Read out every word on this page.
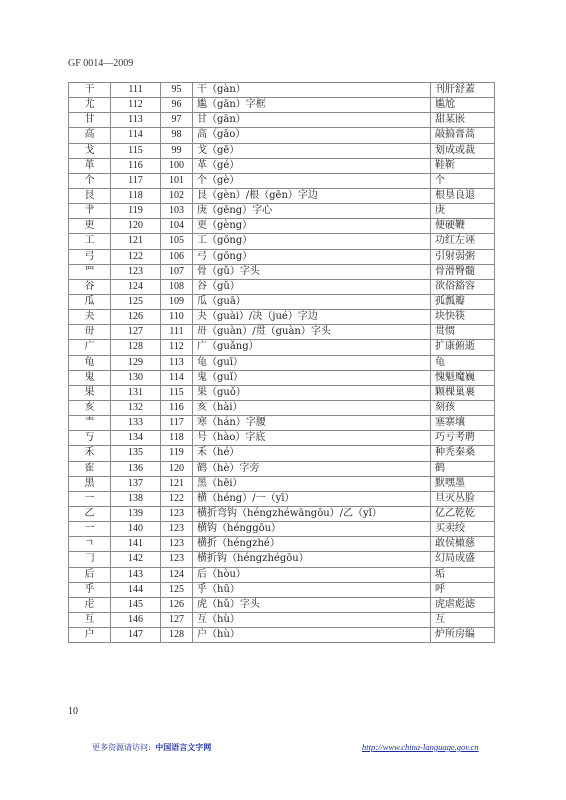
GF 0014—2009
干	111	95	干（gàn）	刊肝舒蓋
尤	112	96	尴（gān）字框	尴尬
甘	113	97	甘（gān）	甜某嵌
高	114	98	高（gāo）	敲搞膏蒿
戈	115	99	戈（gē）	划成或裁
革	116	100	革（gé）	鞋靳
个	117	101	个（gè）	个
艮	118	102	艮（gèn）/根（gēn）字边	根垦良退
肀	119	103	庚（gēng）字心	庚
更	120	104	更（gèng）	便硬鞭
工	121	105	工（gōng）	功红左诬
弓	122	106	弓（gōng）	引射弱粥
罒	123	107	骨（gǔ）字头	骨滑臀髓
谷	124	108	谷（gǔ）	欲俗豁容
瓜	125	109	瓜（guā）	孤瓢瓣
夬	126	110	夬（guài）/决（jué）字边	块快筷
毌	127	111	毌（guàn）/贯（guàn）字头	贯惯
广	128	112	广（guǎng）	扩康俯逝
龟	129	113	龟（guī）	龟
鬼	130	114	鬼（guǐ）	愧魁魔巍
果	131	115	果（guǒ）	颗棵巢裹
亥	132	116	亥（hài）	刻孩
龶	133	117	寒（hán）字腰	塞寨壤
丂	134	118	号（hào）字底	巧亏考聘
禾	135	119	禾（hé）	种秃秦桑
隺	136	120	鹤（hè）字旁	鹤
黑	137	121	黑（hēi）	默嘿墨
一	138	122	横（héng）/一（yī）	旦灭丛脸
乙	139	123	横折弯钩（héngzhéwāngōu）/乙（yǐ）	亿乙乾乾
一	140	123	横钩（hénggōu）	买卖绞
ㄱ	141	123	横折（héngzhé）	敢侯橄慈
𠃌	142	123	横折钩（héngzhégōu）	幻局成盛
后	143	124	后（hòu）	垢
乎	144	125	乎（hū）	呼
虍	145	126	虎（hǔ）字头	虎虐彪滤
互	146	127	互（hù）	互
户	147	128	户（hù）	炉所房编
10
更多资源请访问: 中国语言文字网	http://www.china-language.gov.cn
